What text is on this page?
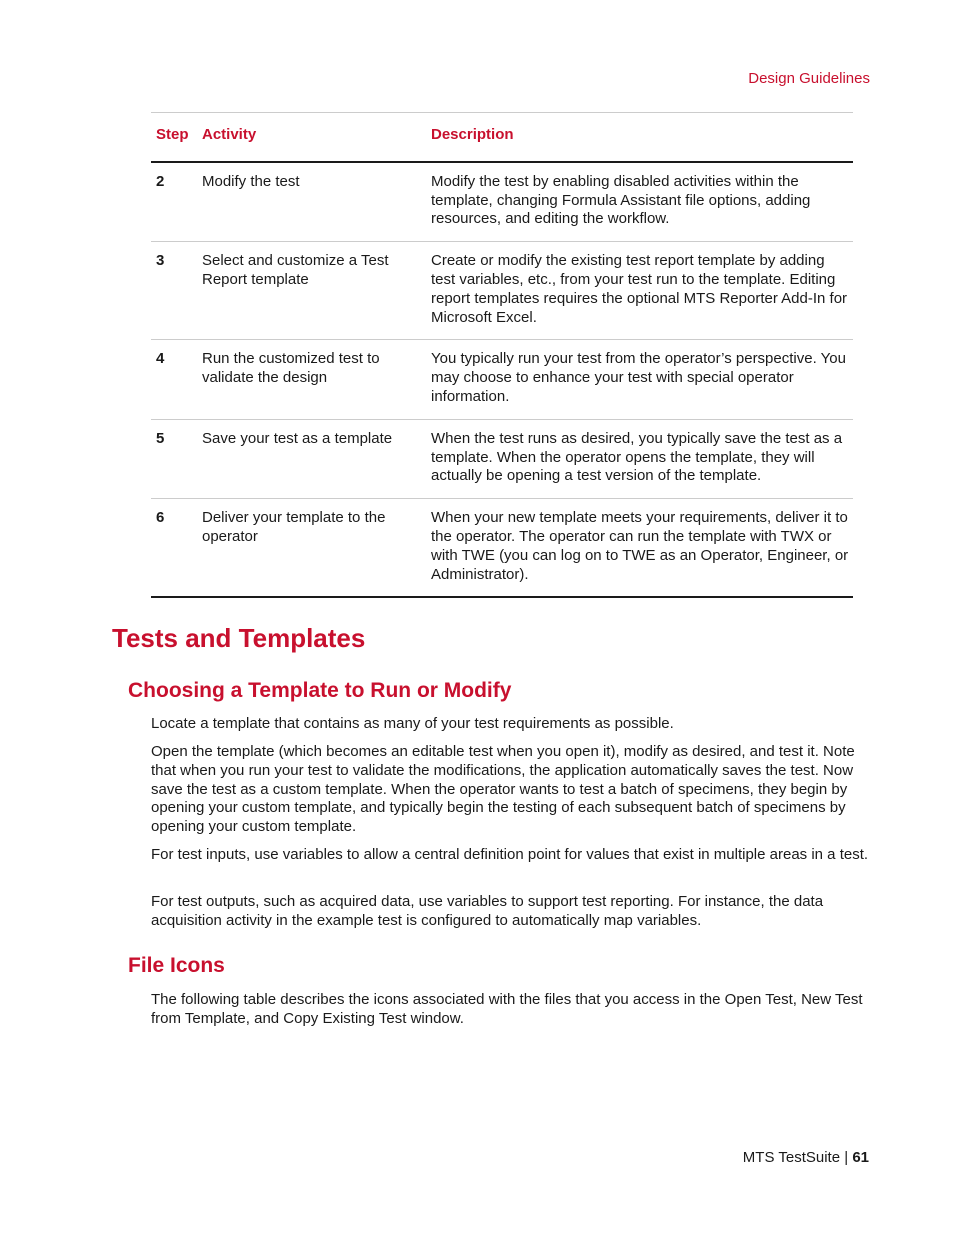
Design Guidelines
Step	Activity	Description
2	Modify the test	Modify the test by enabling disabled activities within the template, changing Formula Assistant file options, adding resources, and editing the workflow.
3	Select and customize a Test Report template	Create or modify the existing test report template by adding test variables, etc., from your test run to the template. Editing report templates requires the optional MTS Reporter Add-In for Microsoft Excel.
4	Run the customized test to validate the design	You typically run your test from the operator’s perspective. You may choose to enhance your test with special operator information.
5	Save your test as a template	When the test runs as desired, you typically save the test as a template. When the operator opens the template, they will actually be opening a test version of the template.
6	Deliver your template to the operator	When your new template meets your requirements, deliver it to the operator. The operator can run the template with TWX or with TWE (you can log on to TWE as an Operator, Engineer, or Administrator).
Tests and Templates
Choosing a Template to Run or Modify

Locate a template that contains as many of your test requirements as possible.

Open the template (which becomes an editable test when you open it), modify as desired, and test it. Note that when you run your test to validate the modifications, the application automatically saves the test. Now save the test as a custom template. When the operator wants to test a batch of specimens, they begin by opening your custom template, and typically begin the testing of each subsequent batch of specimens by opening your custom template.

For test inputs, use variables to allow a central definition point for values that exist in multiple areas in a test.

For test outputs, such as acquired data, use variables to support test reporting. For instance, the data acquisition activity in the example test is configured to automatically map variables.

File Icons

The following table describes the icons associated with the files that you access in the Open Test, New Test from Template, and Copy Existing Test window.

MTS TestSuite | 61
